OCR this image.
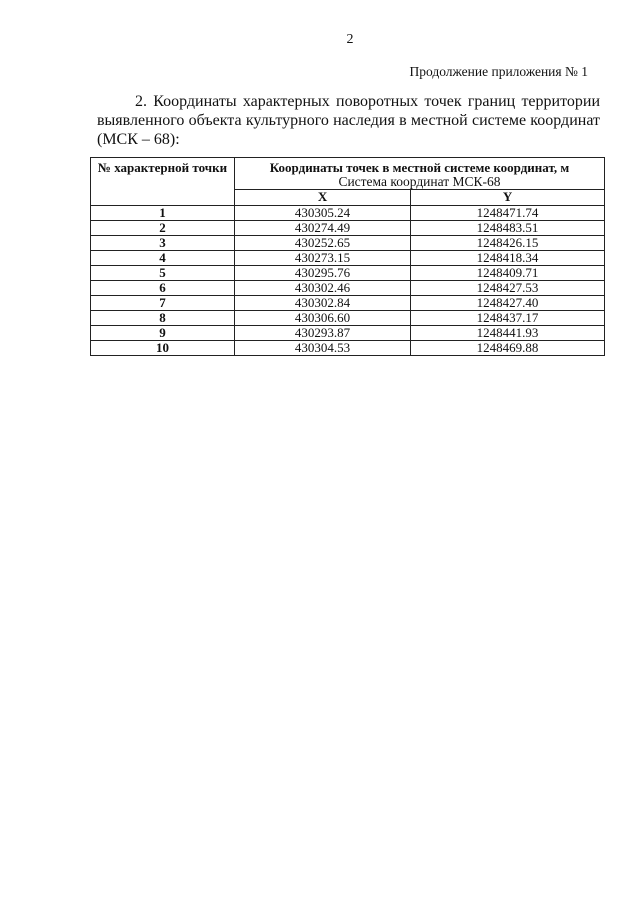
2
Продолжение приложения № 1
2. Координаты характерных поворотных точек границ территории выявленного объекта культурного наследия в местной системе координат (МСК – 68):
№ характерной точки	Координаты точек в местной системе координат, м
Система координат МСК-68	

	X	Y
1	430305.24	1248471.74
2	430274.49	1248483.51
3	430252.65	1248426.15
4	430273.15	1248418.34
5	430295.76	1248409.71
6	430302.46	1248427.53
7	430302.84	1248427.40
8	430306.60	1248437.17
9	430293.87	1248441.93
10	430304.53	1248469.88
